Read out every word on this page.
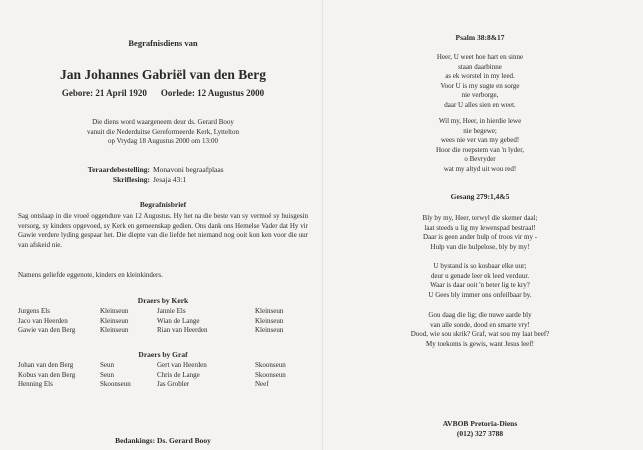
Begrafnisdiens van
Jan Johannes Gabriël van den Berg
Gebore: 21 April 1920 Oorlede: 12 Augustus 2000
Die diens word waargeneem deur ds. Gerard Booy
vanuit die Nederduitse Gereformeerde Kerk, Lyttelton
op Vrydag 18 Augustus 2000 om 13:00
Teraardebestelling: Monavoni begraafplaas
Skriflesing: Jesaja 43:1
Begrafnisbrief
Sag ontslaap in die vroeë oggendure van 12 Augustus. Hy het na die beste van sy vermoë sy huisgesin versorg, sy kinders opgevoed, sy Kerk en gemeenskap gedien. Ons dank ons Hemelse Vader dat Hy vir Gawie verdere lyding gespaar het. Die diepte van die liefde het niemand nog ooit kon ken voor die uur van afskeid nie.
Namens geliefde eggenote, kinders en kleinkinders.
Draers by Kerk
Jurgens Els	Kleinseun	Jannie Els	Kleinseun
Jaco van Heerden	Kleinseun	Wian de Lange	Kleinseun
Gawie van den Berg	Kleinseun	Rian van Heerden	Kleinseun
Draers by Graf
Johan van den Berg	Seun	Gert van Heerden	Skoonseun
Kobus van den Berg	Seun	Chris de Lange	Skoonseun
Henning Els	Skoonseun	Jas Grobler	Neef
Bedankings: Ds. Gerard Booy
Psalm 38:8&17
Heer, U weet hoe hart en sinne
staan daarbinne
as ek worstel in my leed.
Voor U is my sugte en sorge
nie verborge,
daar U alles sien en weet.
Wil my, Heer, in hierdie lewe
nie begewe;
wees nie ver van my gebed!
Hoor die roepstem van 'n lyder,
o Bevryder
wat my altyd uit wou red!
Gesang 279:1,4&5
Bly by my, Heer, terwyl die skemer daal;
laat steeds u lig my lewenspad bestraal!
Daar is geen ander hulp of troos vir my -
Hulp van die hulpelose, bly by my!
U bystand is so kosbaar elke uur;
deur u genade leer ek leed verduur.
Waar is daar ooit 'n beter lig te kry?
U Gees bly immer ons onfeilbaar by.
Gou daag die lig; die nuwe aarde bly
van alle sonde, dood en smarte vry!
Dood, wie sou skrik? Graf, wat sou my laat beef?
My toekoms is gewis, want Jesus leef!
AVBOB Pretoria-Diens
(012) 327 3788
